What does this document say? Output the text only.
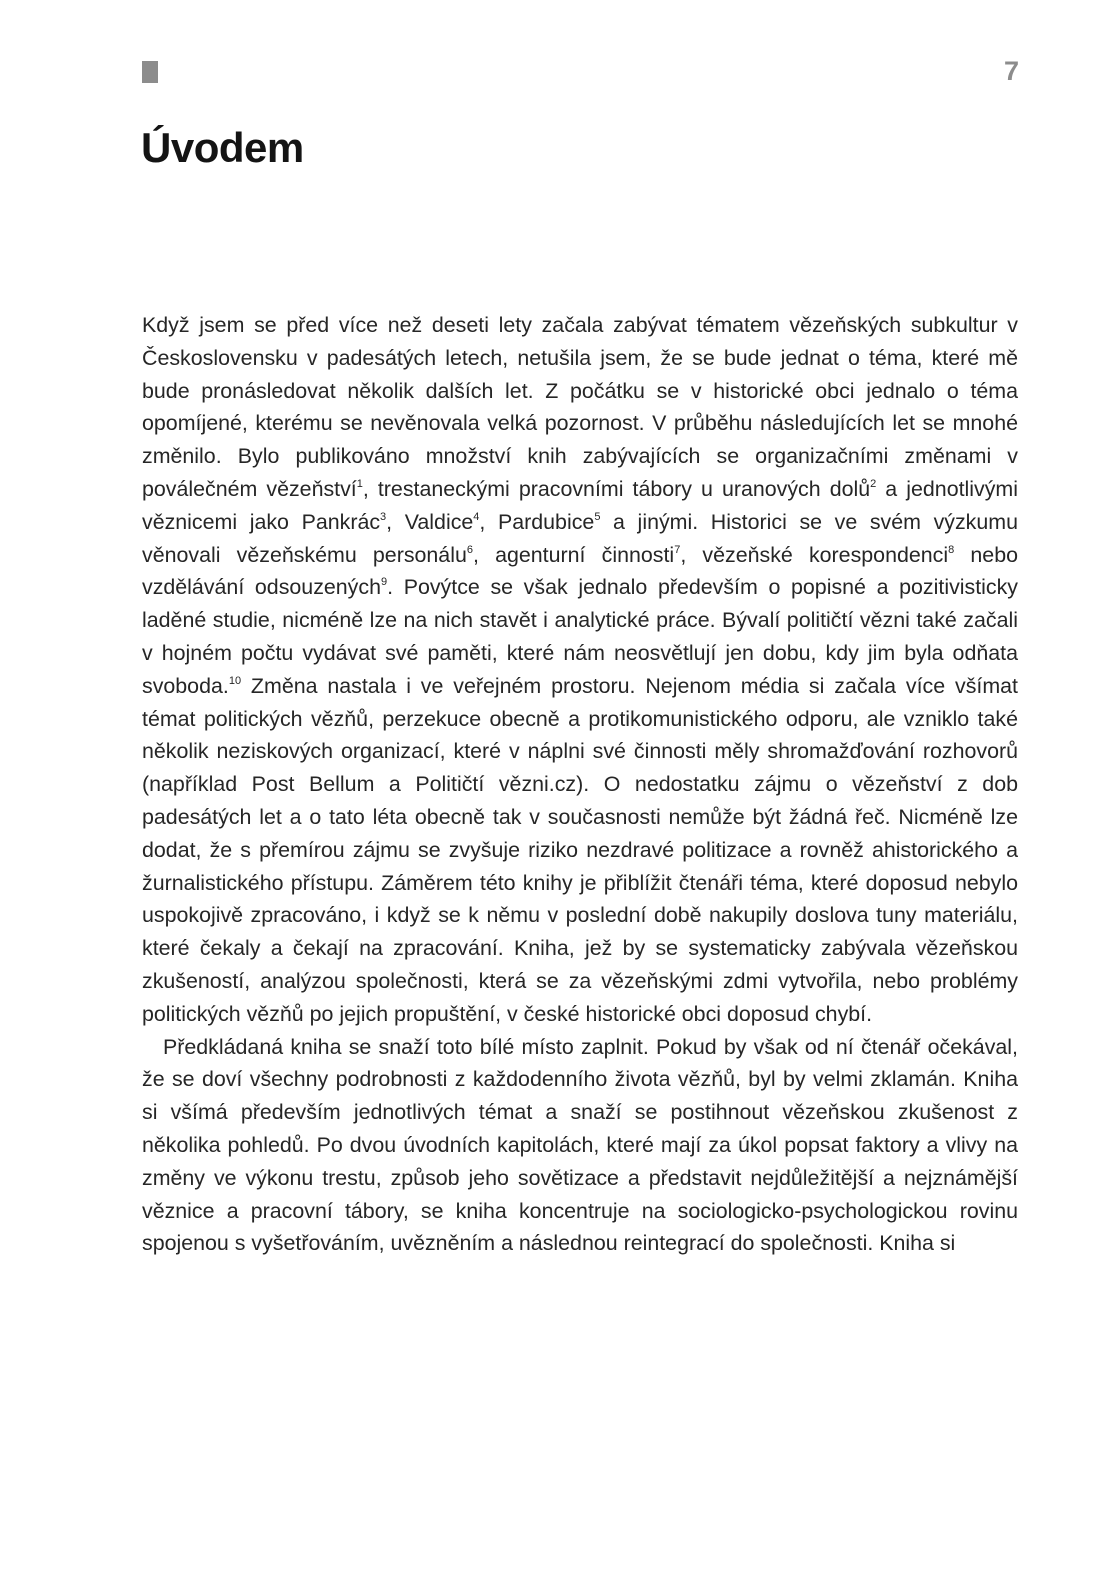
7
Úvodem

Když jsem se před více než deseti lety začala zabývat tématem vězeňských subkultur v Československu v padesátých letech, netušila jsem, že se bude jednat o téma, které mě bude pronásledovat několik dalších let. Z počátku se v historické obci jednalo o téma opomíjené, kterému se nevěnovala velká pozornost. V průběhu následujících let se mnohé změnilo. Bylo publikováno množství knih zabývajících se organizačními změnami v poválečném vězeňství$^1$, trestaneckými pracovními tábory u uranových dolů$^2$ a jednotlivými věznicemi jako Pankrác$^3$, Valdice$^4$, Pardubice$^5$ a jinými. Historici se ve svém výzkumu věnovali vězeňskému personálu$^6$, agenturní činnosti$^7$, vězeňské korespondenci$^8$ nebo vzdělávání odsouzených$^9$. Povýtce se však jednalo především o popisné a pozitivisticky laděné studie, nicméně lze na nich stavět i analytické práce. Bývalí političtí vězni také začali v hojném počtu vydávat své paměti, které nám neosvětlují jen dobu, kdy jim byla odňata svoboda.$^{10}$ Změna nastala i ve veřejném prostoru. Nejenom média si začala více všímat témat politických vězňů, perzekuce obecně a protikomunistického odporu, ale vzniklo také několik neziskových organizací, které v náplni své činnosti měly shromažďování rozhovorů (například Post Bellum a Političtí vězni.cz). O nedostatku zájmu o vězeňství z dob padesátých let a o tato léta obecně tak v současnosti nemůže být žádná řeč. Nicméně lze dodat, že s přemírou zájmu se zvyšuje riziko nezdravé politizace a rovněž ahistorického a žurnalistického přístupu. Záměrem této knihy je přiblížit čtenáři téma, které doposud nebylo uspokojivě zpracováno, i když se k němu v poslední době nakupily doslova tuny materiálu, které čekaly a čekají na zpracování. Kniha, jež by se systematicky zabývala vězeňskou zkušeností, analýzou společnosti, která se za vězeňskými zdmi vytvořila, nebo problémy politických vězňů po jejich propuštění, v české historické obci doposud chybí.

Předkládaná kniha se snaží toto bílé místo zaplnit. Pokud by však od ní čtenář očekával, že se doví všechny podrobnosti z každodenního života vězňů, byl by velmi zklamán. Kniha si všímá především jednotlivých témat a snaží se postihnout vězeňskou zkušenost z několika pohledů. Po dvou úvodních kapitolách, které mají za úkol popsat faktory a vlivy na změny ve výkonu trestu, způsob jeho sovětizace a představit nejdůležitější a nejznámější věznice a pracovní tábory, se kniha koncentruje na sociologicko-psychologickou rovinu spojenou s vyšetřováním, uvězněním a následnou reintegrací do společnosti. Kniha si
